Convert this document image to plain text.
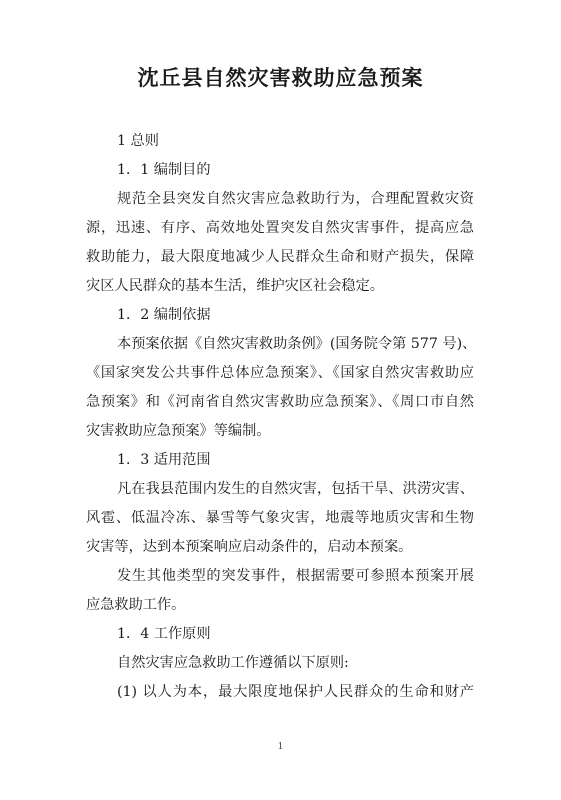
沈丘县自然灾害救助应急预案
1 总则
1．1 编制目的
规范全县突发自然灾害应急救助行为，合理配置救灾资
源，迅速、有序、高效地处置突发自然灾害事件，提高应急
救助能力，最大限度地减少人民群众生命和财产损失，保障
灾区人民群众的基本生活，维护灾区社会稳定。
1．2 编制依据
本预案依据《自然灾害救助条例》(国务院令第 577 号)、
《国家突发公共事件总体应急预案》、《国家自然灾害救助应
急预案》和《河南省自然灾害救助应急预案》、《周口市自然
灾害救助应急预案》等编制。
1．3 适用范围
凡在我县范围内发生的自然灾害，包括干旱、洪涝灾害、
风雹、低温冷冻、暴雪等气象灾害，地震等地质灾害和生物
灾害等，达到本预案响应启动条件的，启动本预案。
发生其他类型的突发事件，根据需要可参照本预案开展
应急救助工作。
1．4 工作原则
自然灾害应急救助工作遵循以下原则:
(1) 以人为本，最大限度地保护人民群众的生命和财产
1
